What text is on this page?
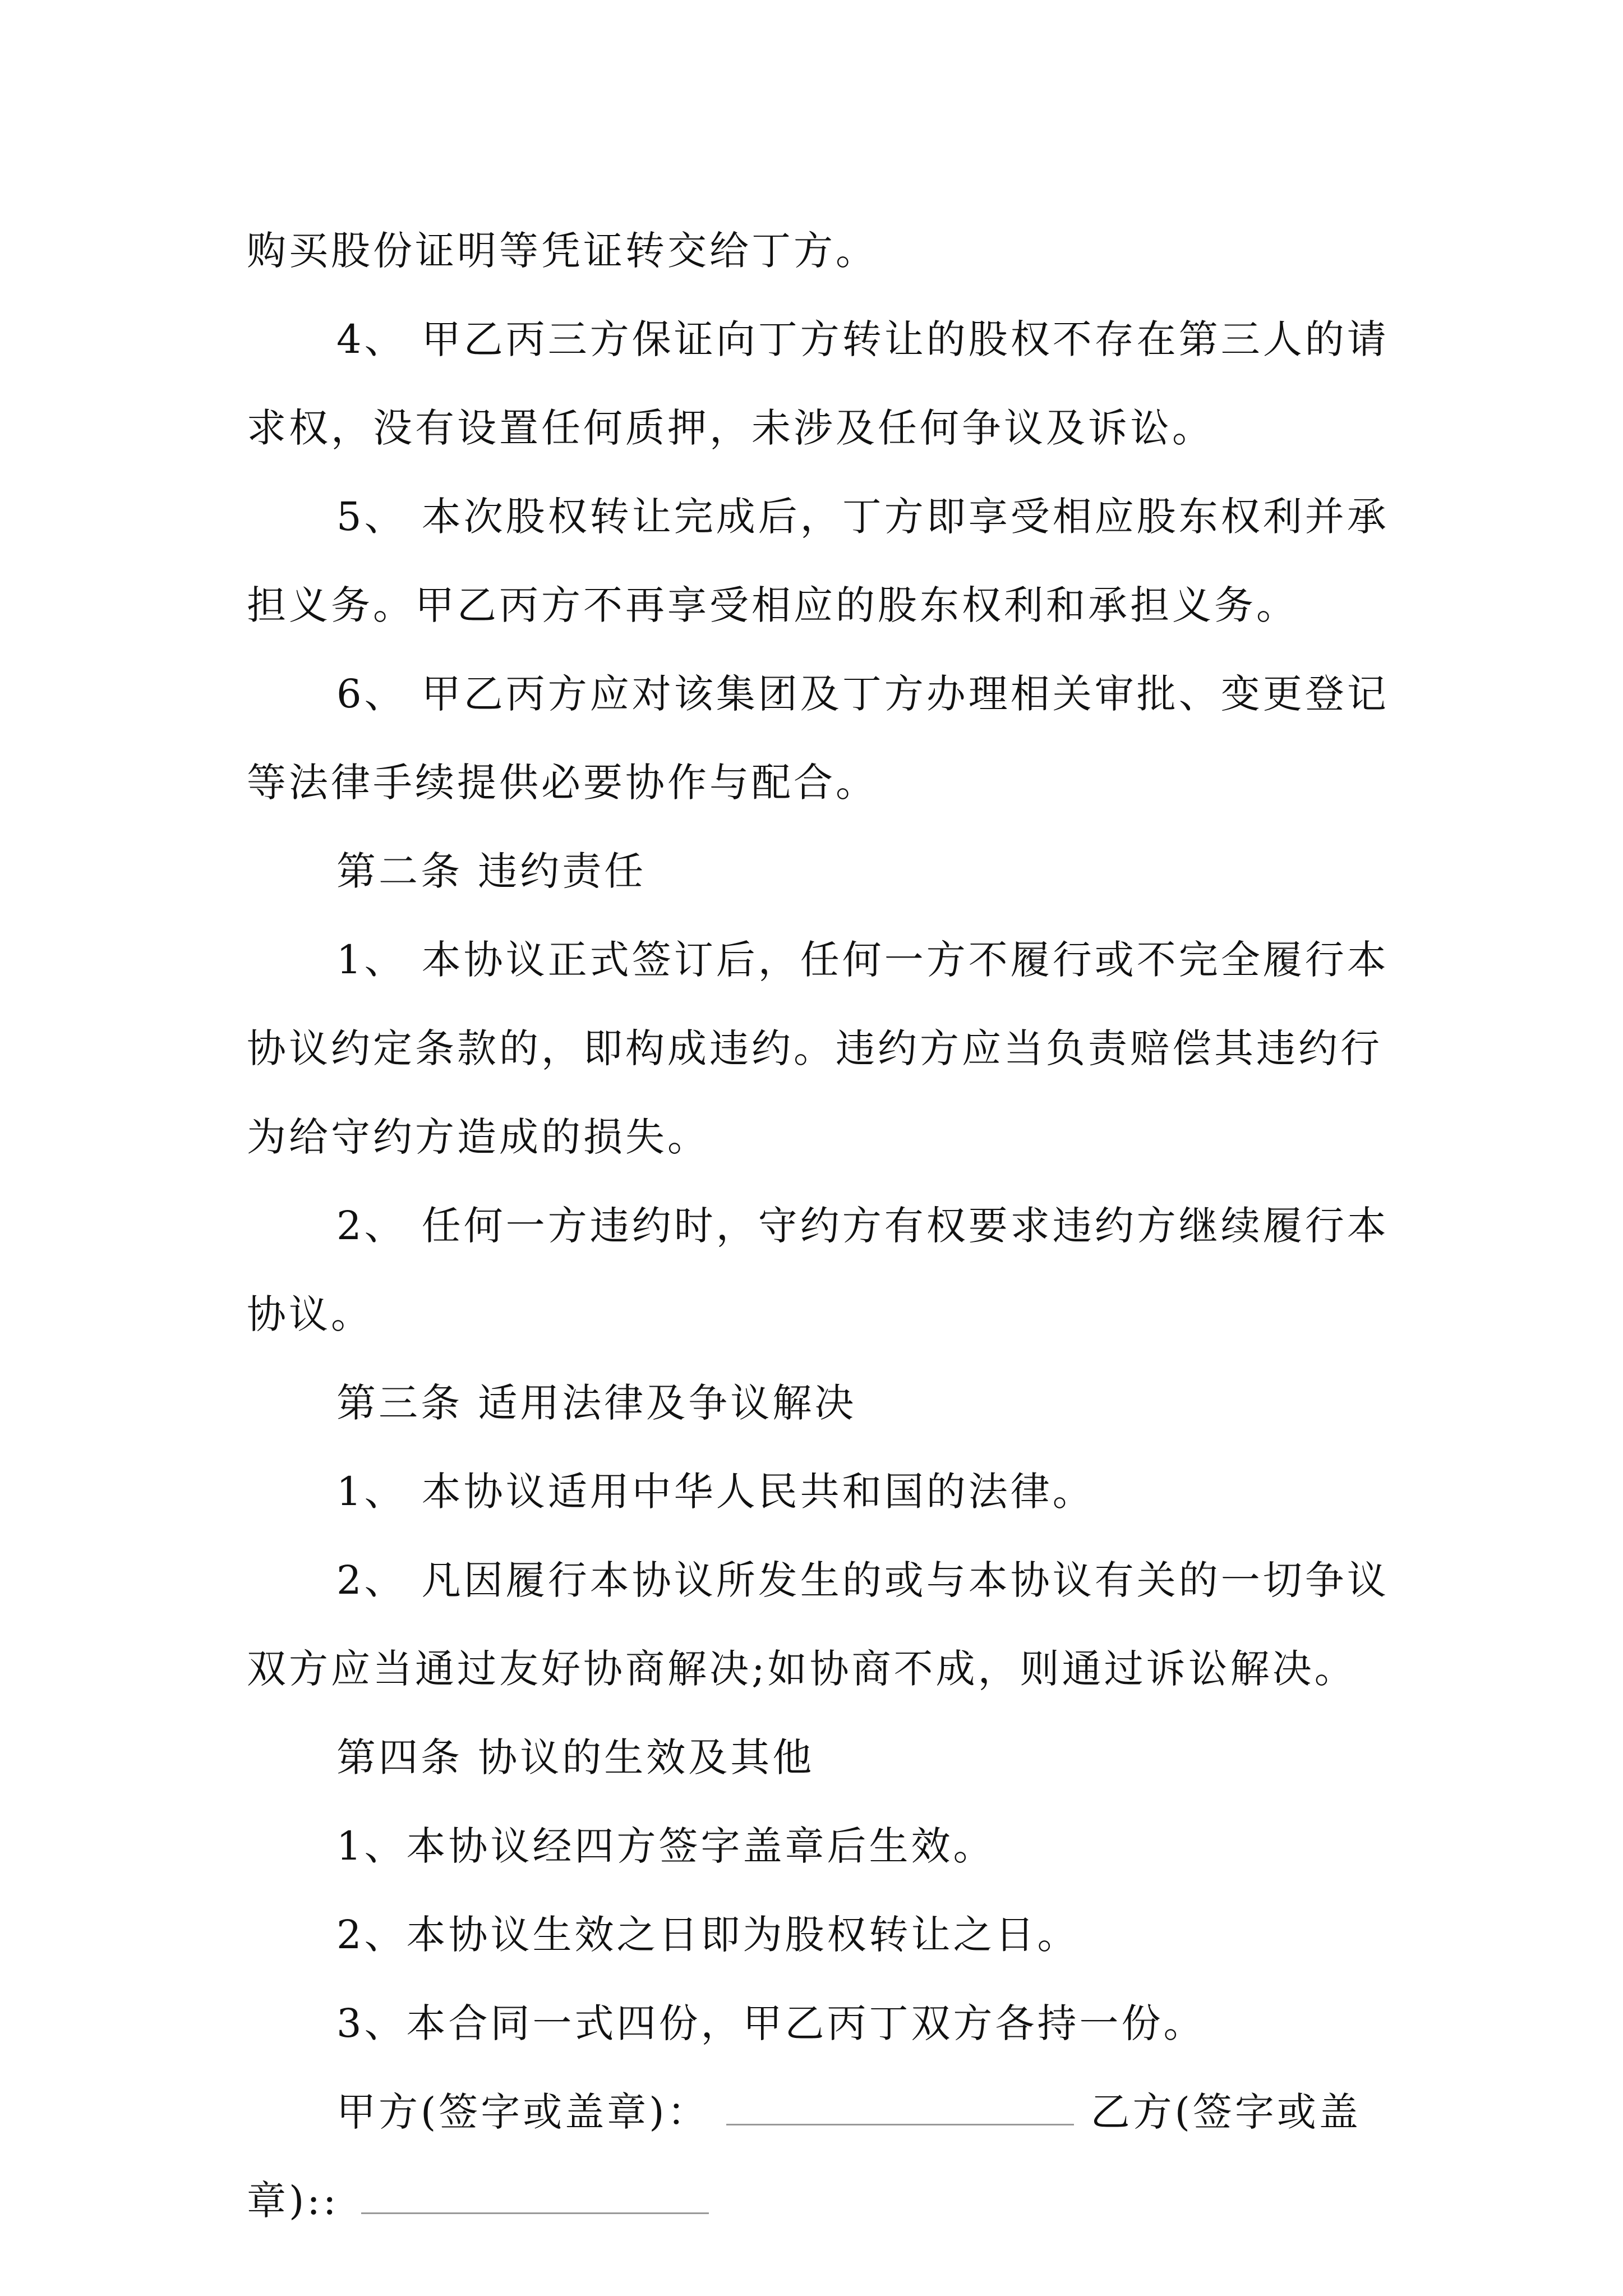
购买股份证明等凭证转交给丁方。

4、 甲乙丙三方保证向丁方转让的股权不存在第三人的请求权，没有设置任何质押，未涉及任何争议及诉讼。

5、 本次股权转让完成后，丁方即享受相应股东权利并承担义务。甲乙丙方不再享受相应的股东权利和承担义务。

6、 甲乙丙方应对该集团及丁方办理相关审批、变更登记等法律手续提供必要协作与配合。

第二条 违约责任

1、 本协议正式签订后，任何一方不履行或不完全履行本协议约定条款的，即构成违约。违约方应当负责赔偿其违约行为给守约方造成的损失。

2、 任何一方违约时，守约方有权要求违约方继续履行本协议。

第三条 适用法律及争议解决

1、 本协议适用中华人民共和国的法律。

2、 凡因履行本协议所发生的或与本协议有关的一切争议双方应当通过友好协商解决;如协商不成，则通过诉讼解决。

第四条 协议的生效及其他

1、本协议经四方签字盖章后生效。

2、本协议生效之日即为股权转让之日。

3、本合同一式四份，甲乙丙丁双方各持一份。

甲方(签字或盖章)：	乙方(签字或盖章)::
